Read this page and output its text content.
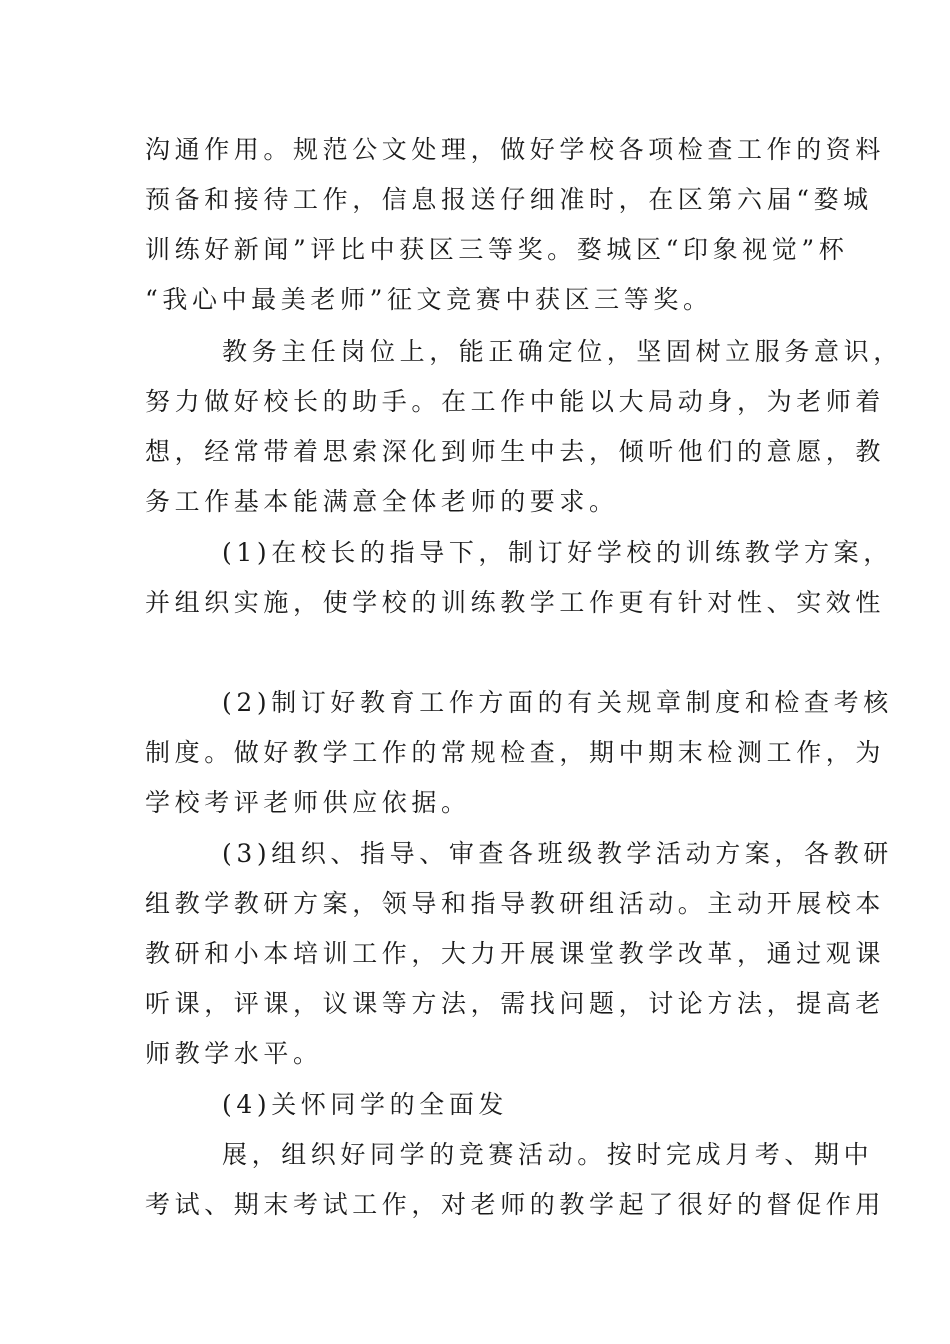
沟通作用。规范公文处理，做好学校各项检查工作的资料
预备和接待工作，信息报送仔细准时，在区第六届“婺城
训练好新闻”评比中获区三等奖。婺城区“印象视觉”杯
“我心中最美老师”征文竞赛中获区三等奖。
教务主任岗位上，能正确定位，坚固树立服务意识，
努力做好校长的助手。在工作中能以大局动身，为老师着
想，经常带着思索深化到师生中去，倾听他们的意愿，教
务工作基本能满意全体老师的要求。
(1)在校长的指导下，制订好学校的训练教学方案，
并组织实施，使学校的训练教学工作更有针对性、实效性
(2)制订好教育工作方面的有关规章制度和检查考核
制度。做好教学工作的常规检查，期中期末检测工作，为
学校考评老师供应依据。
(3)组织、指导、审查各班级教学活动方案，各教研
组教学教研方案，领导和指导教研组活动。主动开展校本
教研和小本培训工作，大力开展课堂教学改革，通过观课
听课，评课，议课等方法，需找问题，讨论方法，提高老
师教学水平。
(4)关怀同学的全面发
展，组织好同学的竞赛活动。按时完成月考、期中
考试、期末考试工作，对老师的教学起了很好的督促作用
